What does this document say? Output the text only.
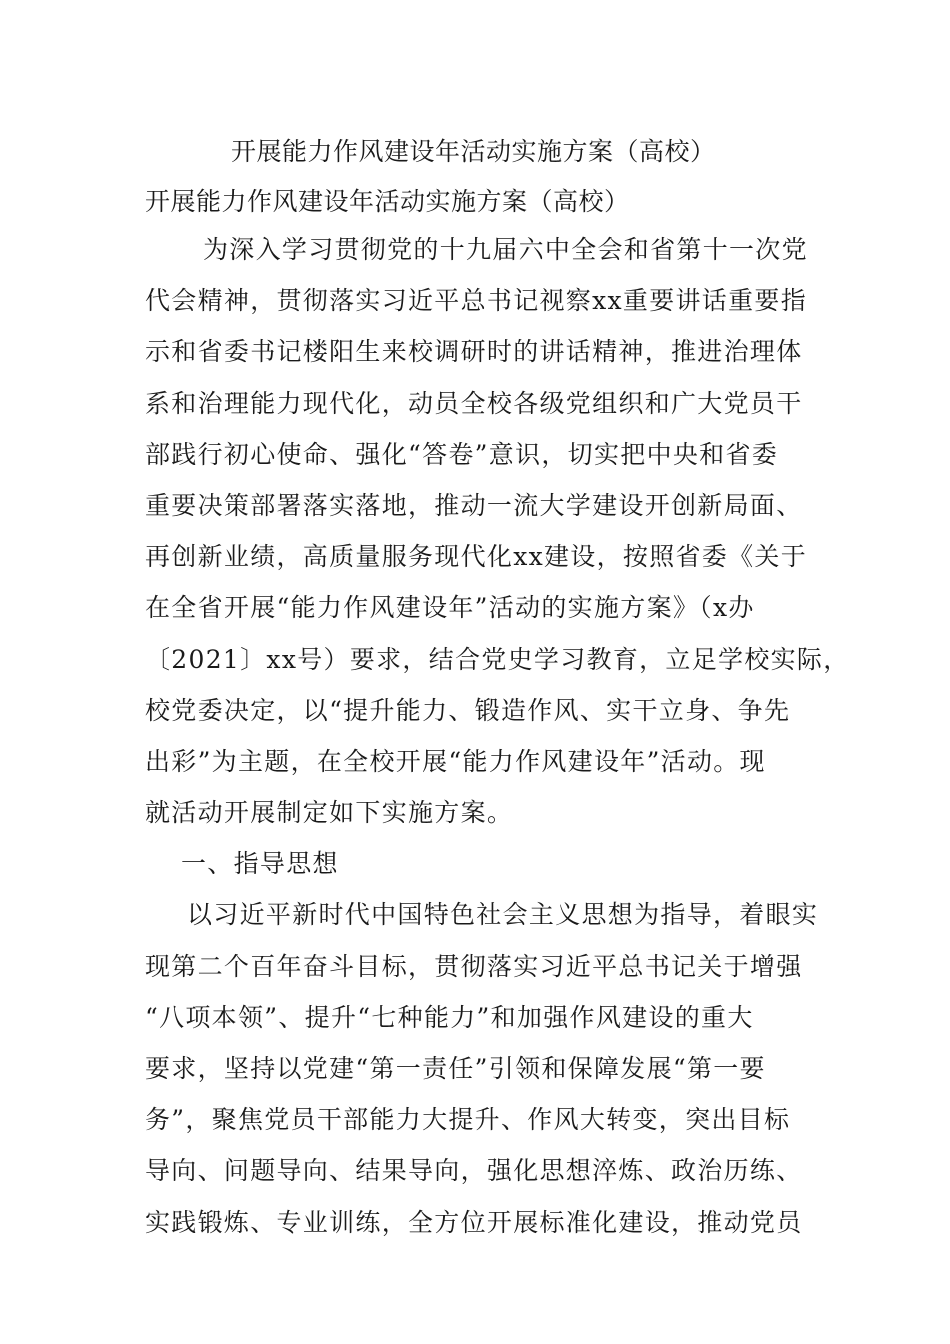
开展能力作风建设年活动实施方案（高校）
开展能力作风建设年活动实施方案（高校）
为深入学习贯彻党的十九届六中全会和省第十一次党
代会精神，贯彻落实习近平总书记视察xx重要讲话重要指
示和省委书记楼阳生来校调研时的讲话精神，推进治理体
系和治理能力现代化，动员全校各级党组织和广大党员干
部践行初心使命、强化“答卷”意识，切实把中央和省委
重要决策部署落实落地，推动一流大学建设开创新局面、
再创新业绩，高质量服务现代化xx建设，按照省委《关于
在全省开展“能力作风建设年”活动的实施方案》（x办
〔2021〕xx号）要求，结合党史学习教育，立足学校实际，
校党委决定，以“提升能力、锻造作风、实干立身、争先
出彩”为主题，在全校开展“能力作风建设年”活动。现
就活动开展制定如下实施方案。
一、指导思想
以习近平新时代中国特色社会主义思想为指导，着眼实
现第二个百年奋斗目标，贯彻落实习近平总书记关于增强
“八项本领”、提升“七种能力”和加强作风建设的重大
要求，坚持以党建“第一责任”引领和保障发展“第一要
务”，聚焦党员干部能力大提升、作风大转变，突出目标
导向、问题导向、结果导向，强化思想淬炼、政治历练、
实践锻炼、专业训练，全方位开展标准化建设，推动党员
